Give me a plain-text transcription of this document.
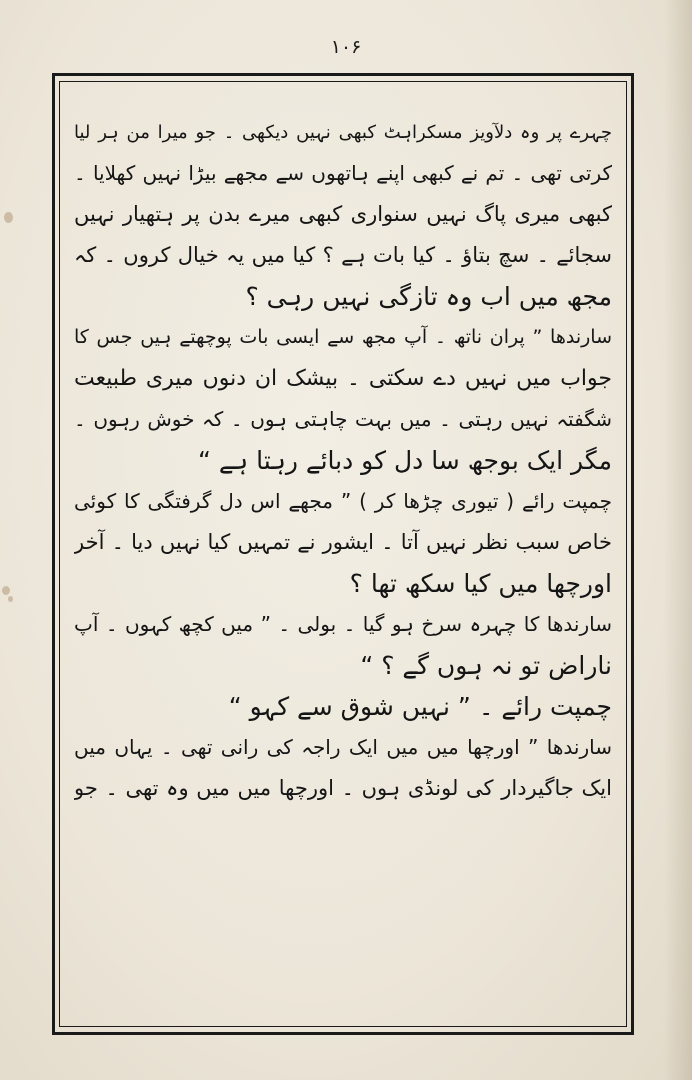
۱۰۶
چہرے پر وہ دلآویز مسکراہٹ کبھی نہیں دیکھی ۔ جو میرا من ہر لیا
کرتی تھی ۔ تم نے کبھی اپنے ہاتھوں سے مجھے بیڑا نہیں کھلایا ۔
کبھی میری پاگ نہیں سنواری کبھی میرے بدن پر ہتھیار نہیں
سجائے ۔ سچ بتاؤ ۔ کیا بات ہے ؟ کیا میں یہ خیال کروں ۔ کہ
مجھ میں اب وہ تازگی نہیں رہی ؟
سارندھا ” پران ناتھ ۔ آپ مجھ سے ایسی بات پوچھتے ہیں جس کا
جواب میں نہیں دے سکتی ۔ بیشک ان دنوں میری طبیعت
شگفتہ نہیں رہتی ۔ میں بہت چاہتی ہوں ۔ کہ خوش رہوں ۔
مگر ایک بوجھ سا دل کو دبائے رہتا ہے “
چمپت رائے ( تیوری چڑھا کر ) ” مجھے اس دل گرفتگی کا کوئی
خاص سبب نظر نہیں آتا ۔ ایشور نے تمہیں کیا نہیں دیا ۔ آخر
اورچھا میں کیا سکھ تھا ؟
سارندھا کا چہرہ سرخ ہو گیا ۔ بولی ۔ ” میں کچھ کہوں ۔ آپ
ناراض تو نہ ہوں گے ؟ “
چمپت رائے ۔ ” نہیں شوق سے کہو “
سارندھا ” اورچھا میں میں ایک راجہ کی رانی تھی ۔ یہاں میں
ایک جاگیردار کی لونڈی ہوں ۔ اورچھا میں میں وہ تھی ۔ جو
